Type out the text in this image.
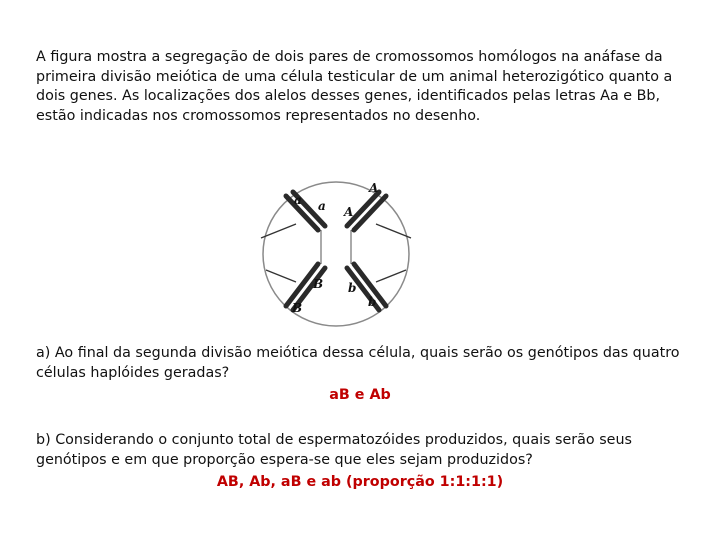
A figura mostra a segregação de dois pares de cromossomos homólogos na anáfase da primeira divisão meiótica de uma célula testicular de um animal heterozigótico quanto a dois genes. As localizações dos alelos desses genes, identificados pelas letras Aa e Bb, estão indicadas nos cromossomos representados no desenho.

a a
A
A
B
B
b
b

a) Ao final da segunda divisão meiótica dessa célula, quais serão os genótipos das quatro células haplóides geradas?

aB e Ab

b) Considerando o conjunto total de espermatozóides produzidos, quais serão seus genótipos e em que proporção espera-se que eles sejam produzidos?

AB, Ab, aB e ab (proporção 1:1:1:1)
